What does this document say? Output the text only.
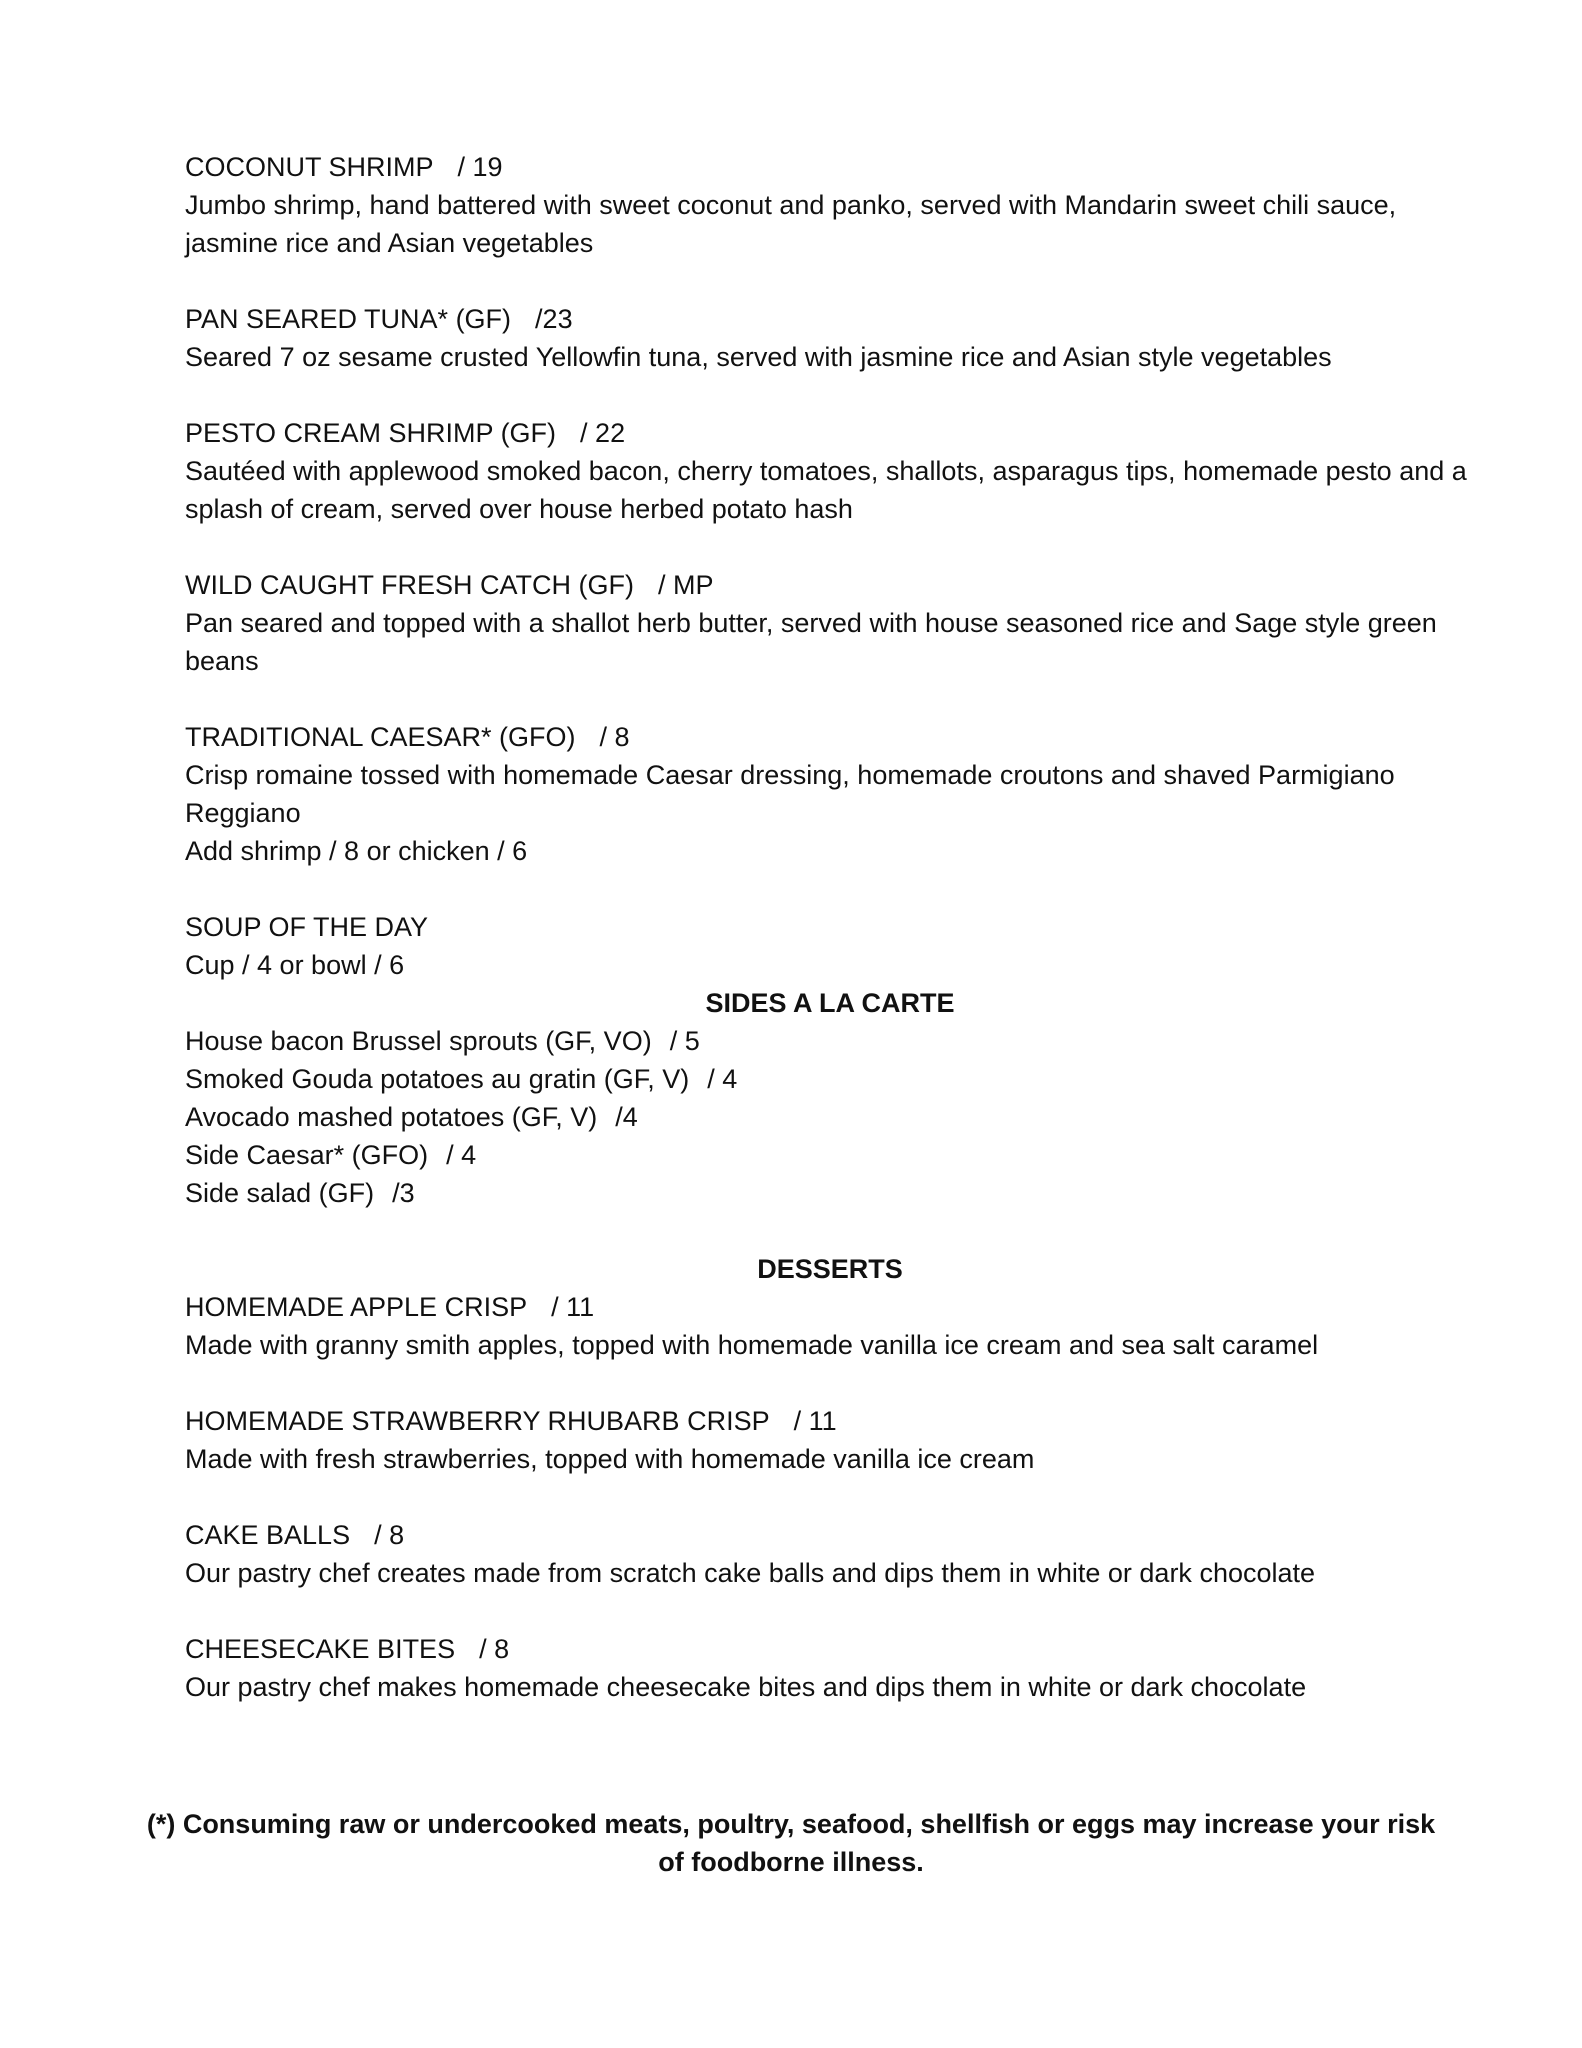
COCONUT SHRIMP / 19
Jumbo shrimp, hand battered with sweet coconut and panko, served with Mandarin sweet chili sauce, jasmine rice and Asian vegetables
PAN SEARED TUNA* (GF) /23
Seared 7 oz sesame crusted Yellowfin tuna, served with jasmine rice and Asian style vegetables
PESTO CREAM SHRIMP (GF) / 22
Sautéed with applewood smoked bacon, cherry tomatoes, shallots, asparagus tips, homemade pesto and a splash of cream, served over house herbed potato hash
WILD CAUGHT FRESH CATCH (GF) / MP
Pan seared and topped with a shallot herb butter, served with house seasoned rice and Sage style green beans
TRADITIONAL CAESAR* (GFO) / 8
Crisp romaine tossed with homemade Caesar dressing, homemade croutons and shaved Parmigiano Reggiano
Add shrimp / 8 or chicken / 6
SOUP OF THE DAY
Cup / 4 or bowl / 6
SIDES A LA CARTE
House bacon Brussel sprouts (GF, VO) / 5
Smoked Gouda potatoes au gratin (GF, V) / 4
Avocado mashed potatoes (GF, V) /4
Side Caesar* (GFO) / 4
Side salad (GF) /3
DESSERTS
HOMEMADE APPLE CRISP / 11
Made with granny smith apples, topped with homemade vanilla ice cream and sea salt caramel
HOMEMADE STRAWBERRY RHUBARB CRISP / 11
Made with fresh strawberries, topped with homemade vanilla ice cream
CAKE BALLS / 8
Our pastry chef creates made from scratch cake balls and dips them in white or dark chocolate
CHEESECAKE BITES / 8
Our pastry chef makes homemade cheesecake bites and dips them in white or dark chocolate
(*) Consuming raw or undercooked meats, poultry, seafood, shellfish or eggs may increase your risk of foodborne illness.
